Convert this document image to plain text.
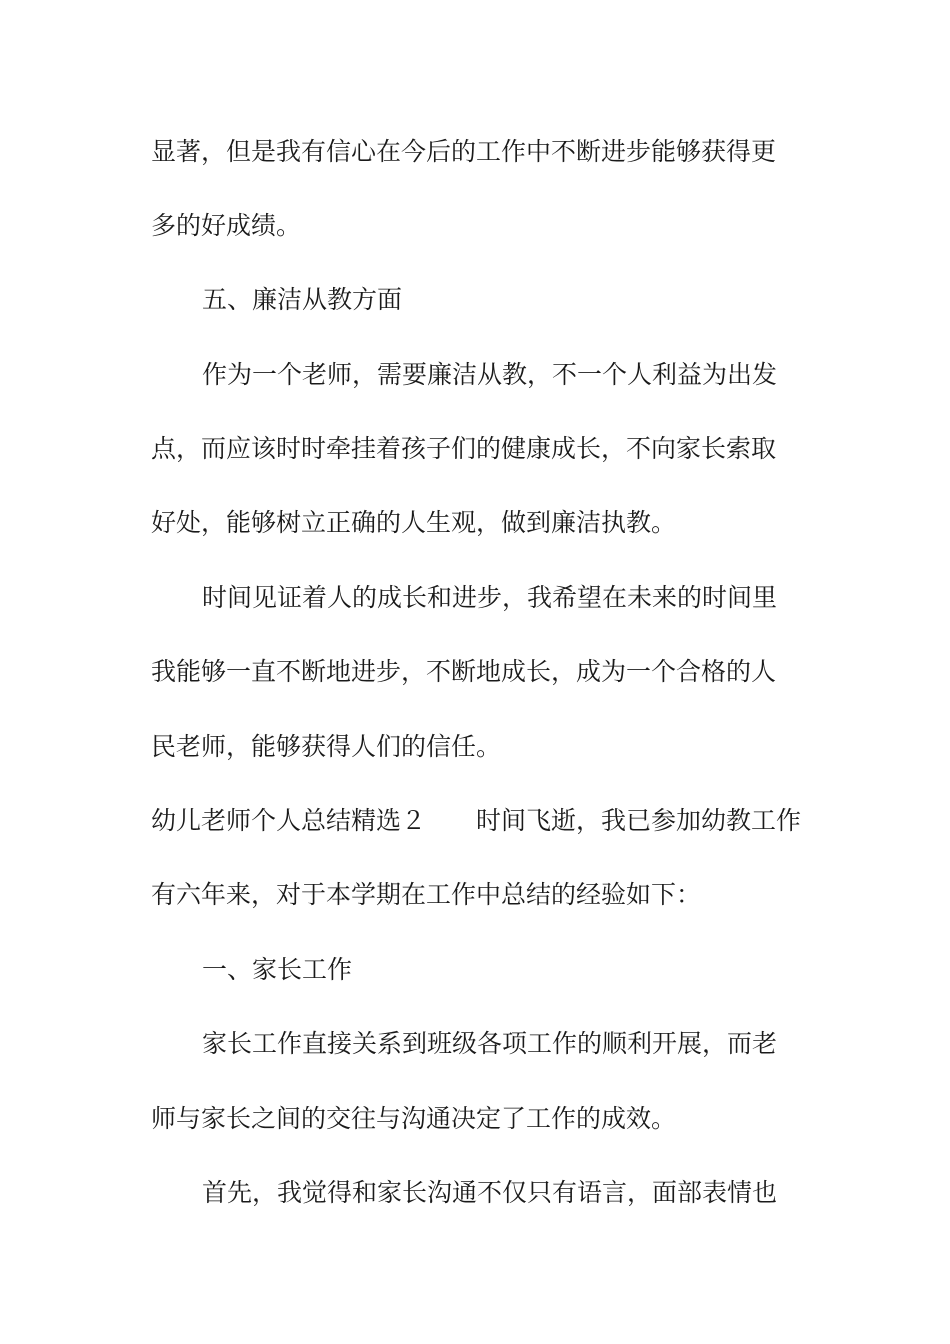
显著，但是我有信心在今后的工作中不断进步能够获得更
多的好成绩。
五、廉洁从教方面
作为一个老师，需要廉洁从教，不一个人利益为出发
点，而应该时时牵挂着孩子们的健康成长，不向家长索取
好处，能够树立正确的人生观，做到廉洁执教。
时间见证着人的成长和进步，我希望在未来的时间里
我能够一直不断地进步，不断地成长，成为一个合格的人
民老师，能够获得人们的信任。
幼儿老师个人总结精选２　　时间飞逝，我已参加幼教工作
有六年来，对于本学期在工作中总结的经验如下：
一、家长工作
家长工作直接关系到班级各项工作的顺利开展，而老
师与家长之间的交往与沟通决定了工作的成效。
首先，我觉得和家长沟通不仅只有语言，面部表情也
